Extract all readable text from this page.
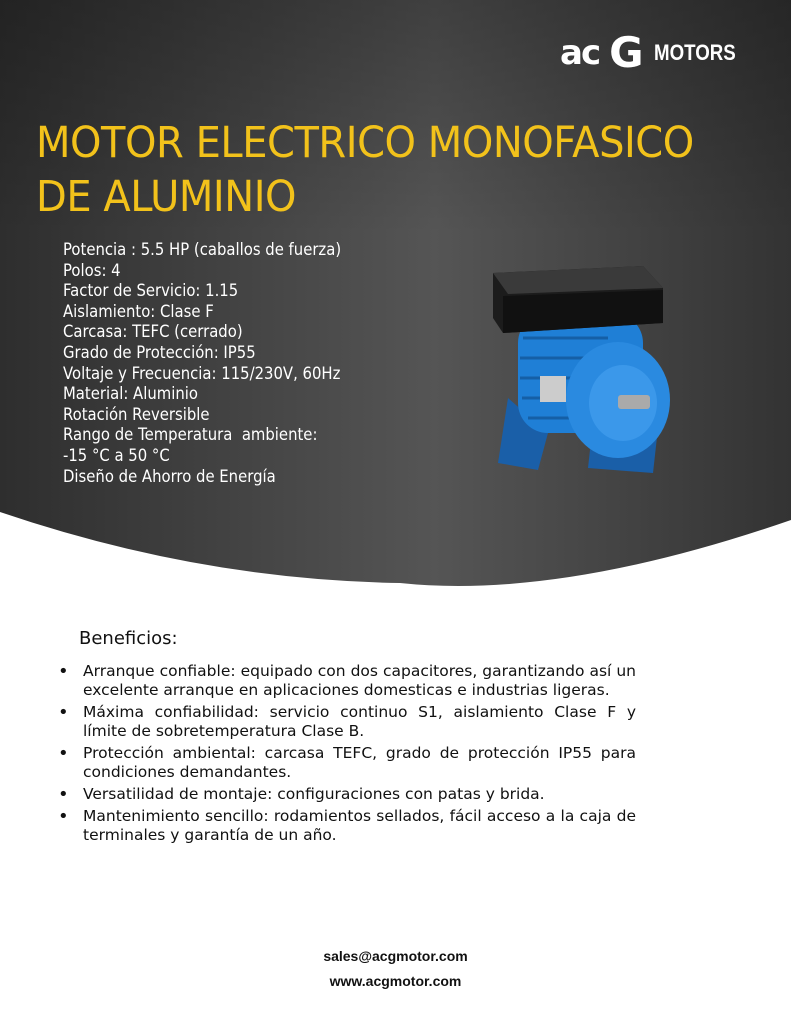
ac G MOTORS
MOTOR ELECTRICO MONOFASICO
DE ALUMINIO
Potencia : 5.5 HP (caballos de fuerza)
Polos: 4
Factor de Servicio: 1.15
Aislamiento: Clase F
Carcasa: TEFC (cerrado)
Grado de Protección: IP55
Voltaje y Frecuencia: 115/230V, 60Hz
Material: Aluminio
Rotación Reversible
Rango de Temperatura  ambiente:
-15 °C a 50 °C
Diseño de Ahorro de Energía
Beneficios:
• Arranque confiable: equipado con dos capacitores, garantizando así un excelente arranque en aplicaciones domesticas e industrias ligeras.
• Máxima confiabilidad: servicio continuo S1, aislamiento Clase F y límite de sobretemperatura Clase B.
• Protección ambiental: carcasa TEFC, grado de protección IP55 para condiciones demandantes.
• Versatilidad de montaje: configuraciones con patas y brida.
• Mantenimiento sencillo: rodamientos sellados, fácil acceso a la caja de terminales y garantía de un año.
sales@acgmotor.com
www.acgmotor.com
